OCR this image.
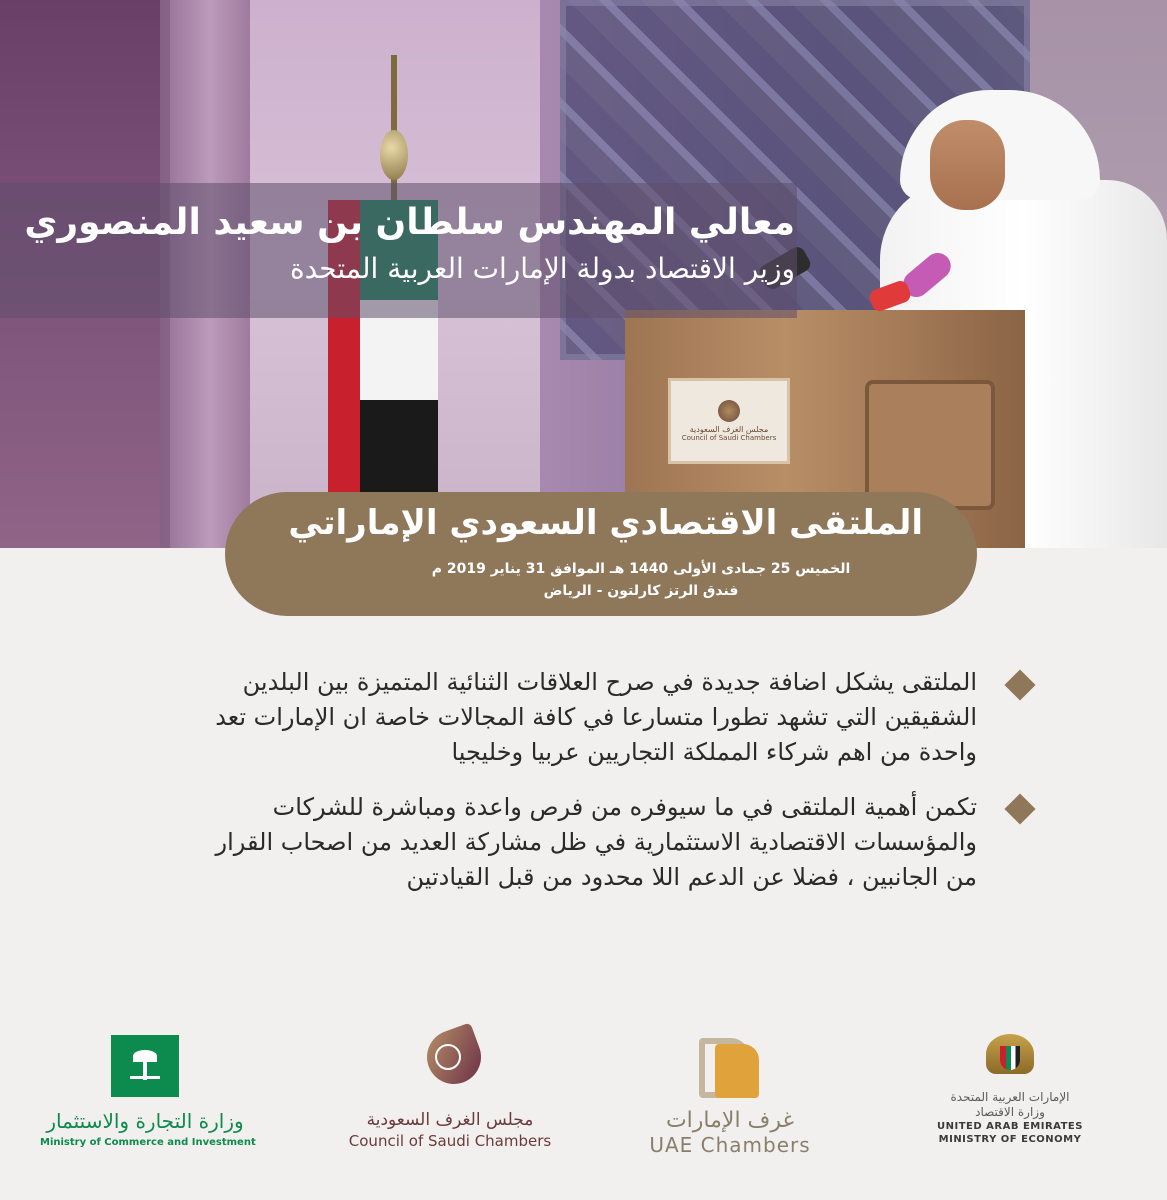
مجلس الغرف السعودية
Council of Saudi Chambers
معالي المهندس سلطان بن سعيد المنصوري
وزير الاقتصاد بدولة الإمارات العربية المتحدة
الملتقى الاقتصادي السعودي الإماراتي
الخميس 25 جمادى الأولى 1440 هـ الموافق 31 يناير 2019 م
فندق الرتز كارلتون - الرياض
الملتقى يشكل اضافة جديدة في صرح العلاقات الثنائية المتميزة بين البلدين الشقيقين التي تشهد تطورا متسارعا في كافة المجالات خاصة ان الإمارات تعد واحدة من اهم شركاء المملكة التجاريين عربيا وخليجيا
تكمن أهمية الملتقى في ما سيوفره من فرص واعدة ومباشرة للشركات والمؤسسات الاقتصادية الاستثمارية في ظل مشاركة العديد من اصحاب القرار من الجانبين ، فضلا عن الدعم اللا محدود من قبل القيادتين
وزارة التجارة والاستثمار
Ministry of Commerce and Investment
مجلس الغرف السعودية
Council of Saudi Chambers
غرف الإمارات
UAE Chambers
الإمارات العربية المتحدة
وزارة الاقتصاد
UNITED ARAB EMIRATES
MINISTRY OF ECONOMY
